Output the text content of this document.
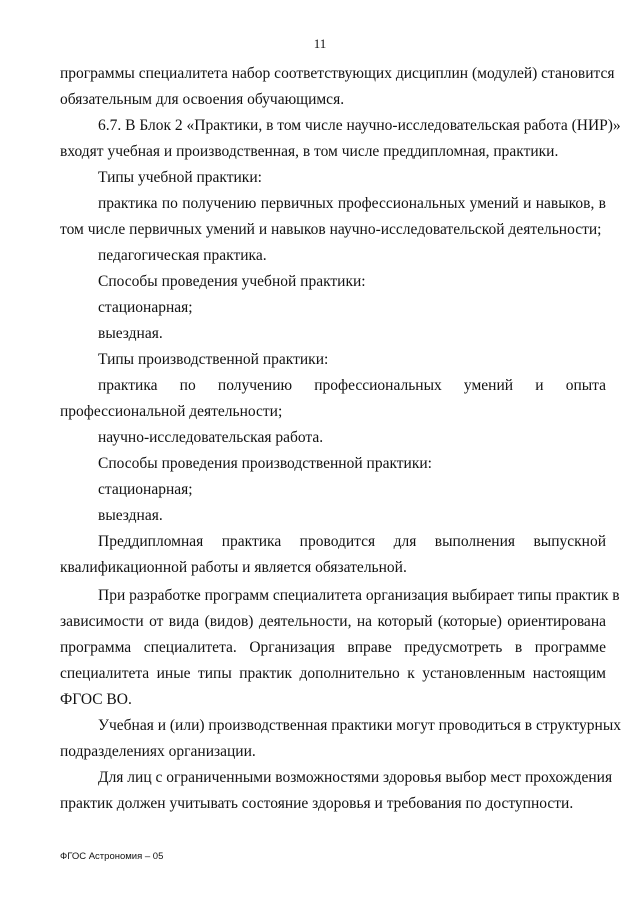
11
программы специалитета набор соответствующих дисциплин (модулей) становится
обязательным для освоения обучающимся.
6.7. В Блок 2 «Практики, в том числе научно-исследовательская работа (НИР)»
входят учебная и производственная, в том числе преддипломная, практики.
Типы учебной практики:
практика по получению первичных профессиональных умений и навыков, в
том числе первичных умений и навыков научно-исследовательской деятельности;
педагогическая практика.
Способы проведения учебной практики:
стационарная;
выездная.
Типы производственной практики:
практика по получению профессиональных умений и опыта
профессиональной деятельности;
научно-исследовательская работа.
Способы проведения производственной практики:
стационарная;
выездная.
Преддипломная практика проводится для выполнения выпускной
квалификационной работы и является обязательной.
При разработке программ специалитета организация выбирает типы практик в
зависимости от вида (видов) деятельности, на который (которые) ориентирована
программа специалитета. Организация вправе предусмотреть в программе
специалитета иные типы практик дополнительно к установленным настоящим
ФГОС ВО.
Учебная и (или) производственная практики могут проводиться в структурных
подразделениях организации.
Для лиц с ограниченными возможностями здоровья выбор мест прохождения
практик должен учитывать состояние здоровья и требования по доступности.
ФГОС Астрономия – 05
